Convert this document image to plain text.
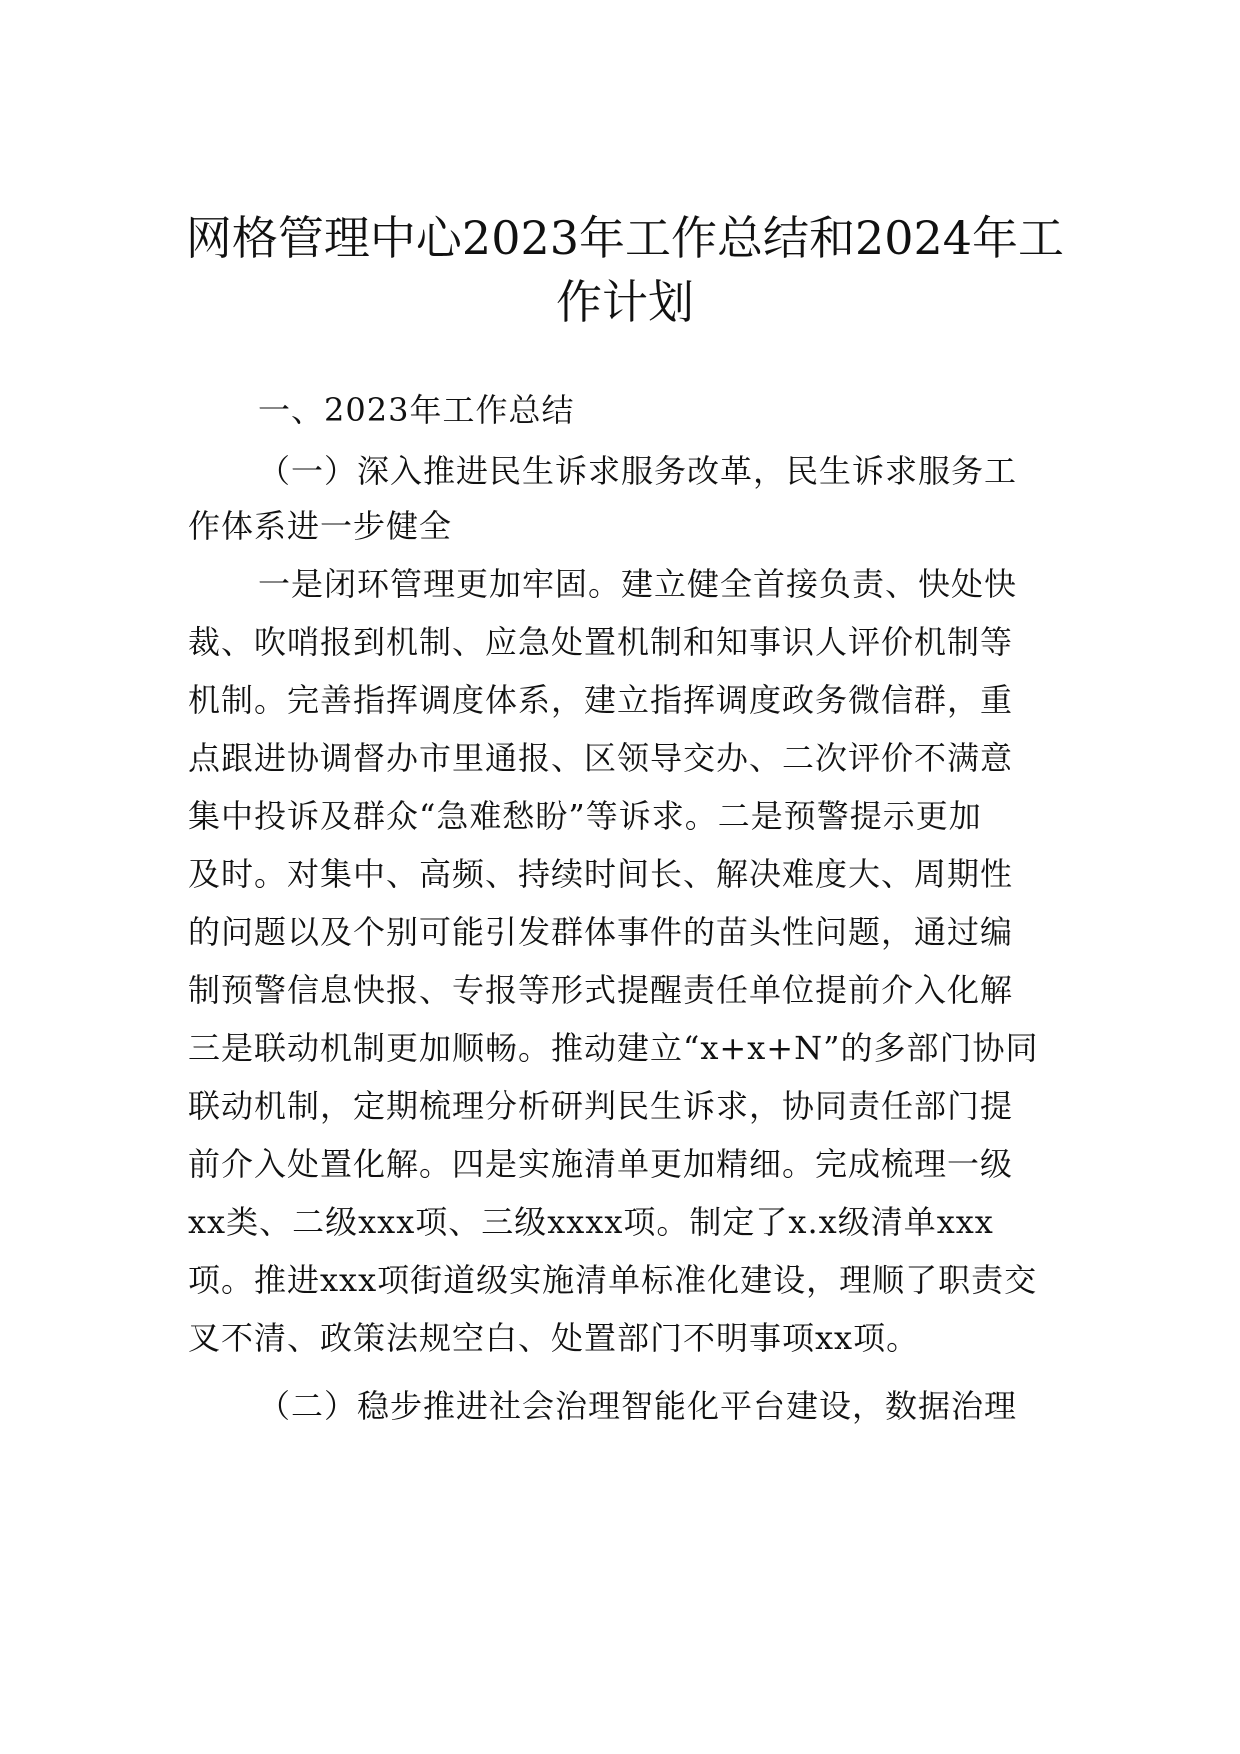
网格管理中心2023年工作总结和2024年工
作计划
一、2023年工作总结
（一）深入推进民生诉求服务改革，民生诉求服务工
作体系进一步健全
一是闭环管理更加牢固。建立健全首接负责、快处快
裁、吹哨报到机制、应急处置机制和知事识人评价机制等
机制。完善指挥调度体系，建立指挥调度政务微信群，重
点跟进协调督办市里通报、区领导交办、二次评价不满意
集中投诉及群众“急难愁盼”等诉求。二是预警提示更加
及时。对集中、高频、持续时间长、解决难度大、周期性
的问题以及个别可能引发群体事件的苗头性问题，通过编
制预警信息快报、专报等形式提醒责任单位提前介入化解
三是联动机制更加顺畅。推动建立“x+x+N”的多部门协同
联动机制，定期梳理分析研判民生诉求，协同责任部门提
前介入处置化解。四是实施清单更加精细。完成梳理一级
xx类、二级xxx项、三级xxxx项。制定了x.x级清单xxx
项。推进xxx项街道级实施清单标准化建设，理顺了职责交
叉不清、政策法规空白、处置部门不明事项xx项。
（二）稳步推进社会治理智能化平台建设，数据治理
